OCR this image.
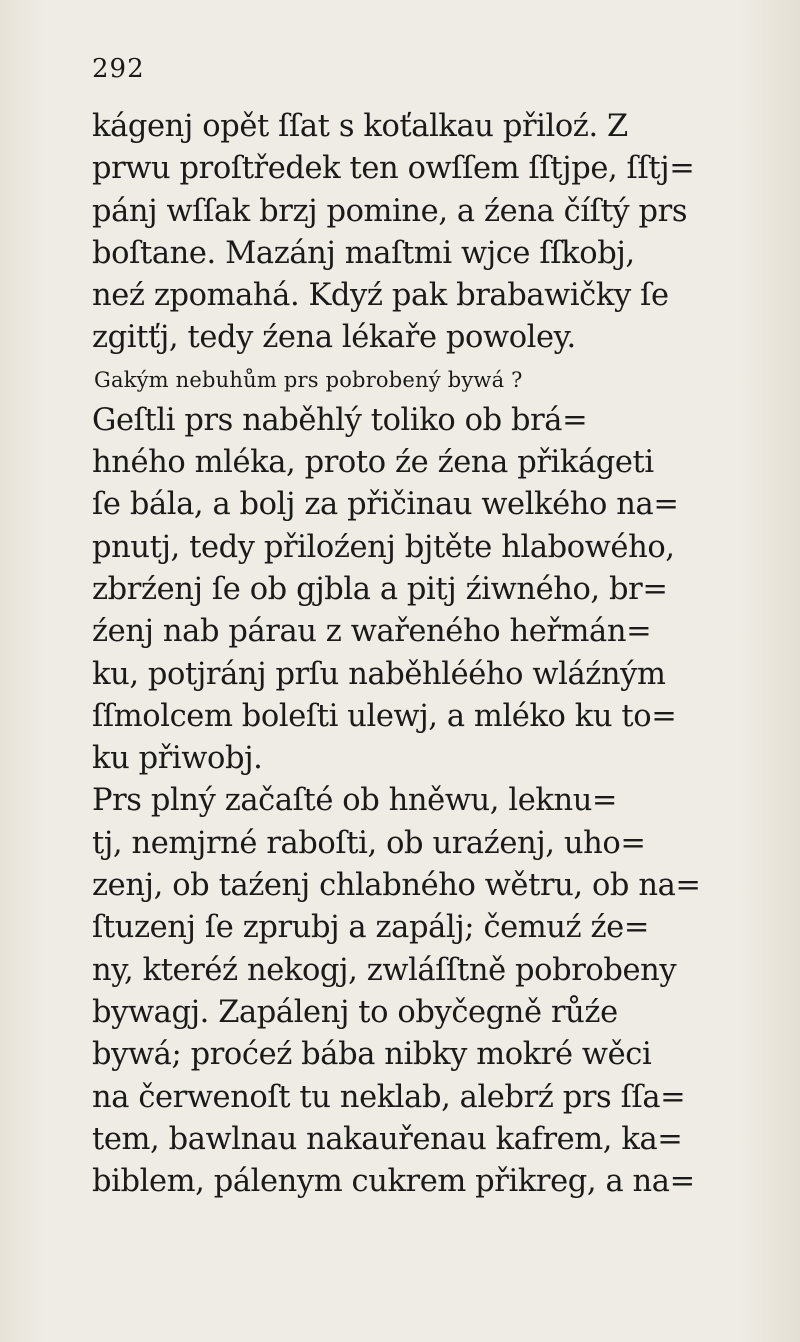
292
kágenj opět ſſat s koťalkau přiloź. Z
prwu proſtředek ten owſſem ſſtjpe, ſſtj=
pánj wſſak brzj pomine, a źena číſtý prs
boſtane. Mazánj maſtmi wjce ſſkobj,
neź zpomahá. Kdyź pak brabawičky ſe
zgitťj, tedy źena lékaře powoley.
Gakým nebuhům prs pobrobený bywá ?
Geſtli prs naběhlý toliko ob brá=
hného mléka, proto źe źena přikágeti
ſe bála, a bolj za přičinau welkého na=
pnutj, tedy přiloźenj bjtěte hlabowého,
zbrźenj ſe ob gjbla a pitj źiwného, br=
źenj nab párau z wařeného heřmán=
ku, potjránj prſu naběhléého wláźným
ſſmolcem boleſti ulewj, a mléko ku to=
ku přiwobj.
Prs plný začaſté ob hněwu, leknu=
tj, nemjrné raboſti, ob uraźenj, uho=
zenj, ob taźenj chlabného wětru, ob na=
ſtuzenj ſe zprubj a zapálj; čemuź źe=
ny, kteréź nekogj, zwláſſtně pobrobeny
bywagj. Zapálenj to obyčegně růźe
bywá; proćeź bába nibky mokré wěci
na čerwenoſt tu neklab, alebrź prs ſſa=
tem, bawlnau nakauřenau kafrem, ka=
biblem, pálenym cukrem přikreg, a na=
